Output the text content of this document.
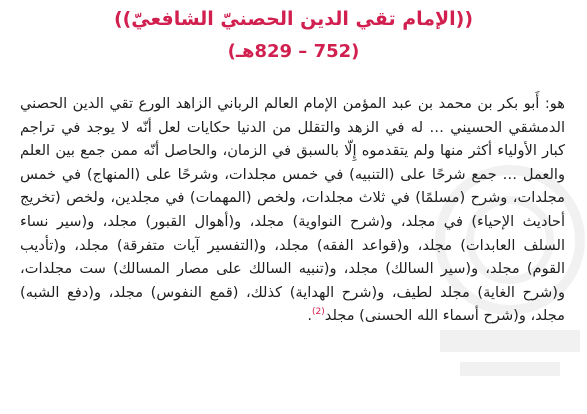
((الإمام تقي الدين الحصنيّ الشافعيّ))
(752 – 829هـ)

هو: أَبو بكر بن محمد بن عبد المؤمن الإمام العالم الرباني الزاهد الورع تقي الدين الحصني الدمشقي الحسيني … له في الزهد والتقلل من الدنيا حكايات لعل أنّه لا يوجد في تراجم كبار الأولياء أكثر منها ولم يتقدموه إِلّا بالسبق في الزمان، والحاصل أنّه ممن جمع بين العلم والعمل … جمع شرحًا على (التنبيه) في خمس مجلدات، وشرحًا على (المنهاج) في خمس مجلدات، وشرح (مسلمًا) في ثلاث مجلدات، ولخص (المهمات) في مجلدين، ولخص (تخريج أحاديث الإحياء) في مجلد، و(شرح النواوية) مجلد، و(أهوال القبور) مجلد، و(سير نساء السلف العابدات) مجلد، و(قواعد الفقه) مجلد، و(التفسير آيات متفرقة) مجلد، و(تأديب القوم) مجلد، و(سير السالك) مجلد، و(تنبيه السالك على مصار المسالك) ست مجلدات، و(شرح الغاية) مجلد لطيف، و(شرح الهداية) كذلك، (قمع النفوس) مجلد، و(دفع الشبه) مجلد، و(شرح أسماء الله الحسنى) مجلد$^{(2)}$.
